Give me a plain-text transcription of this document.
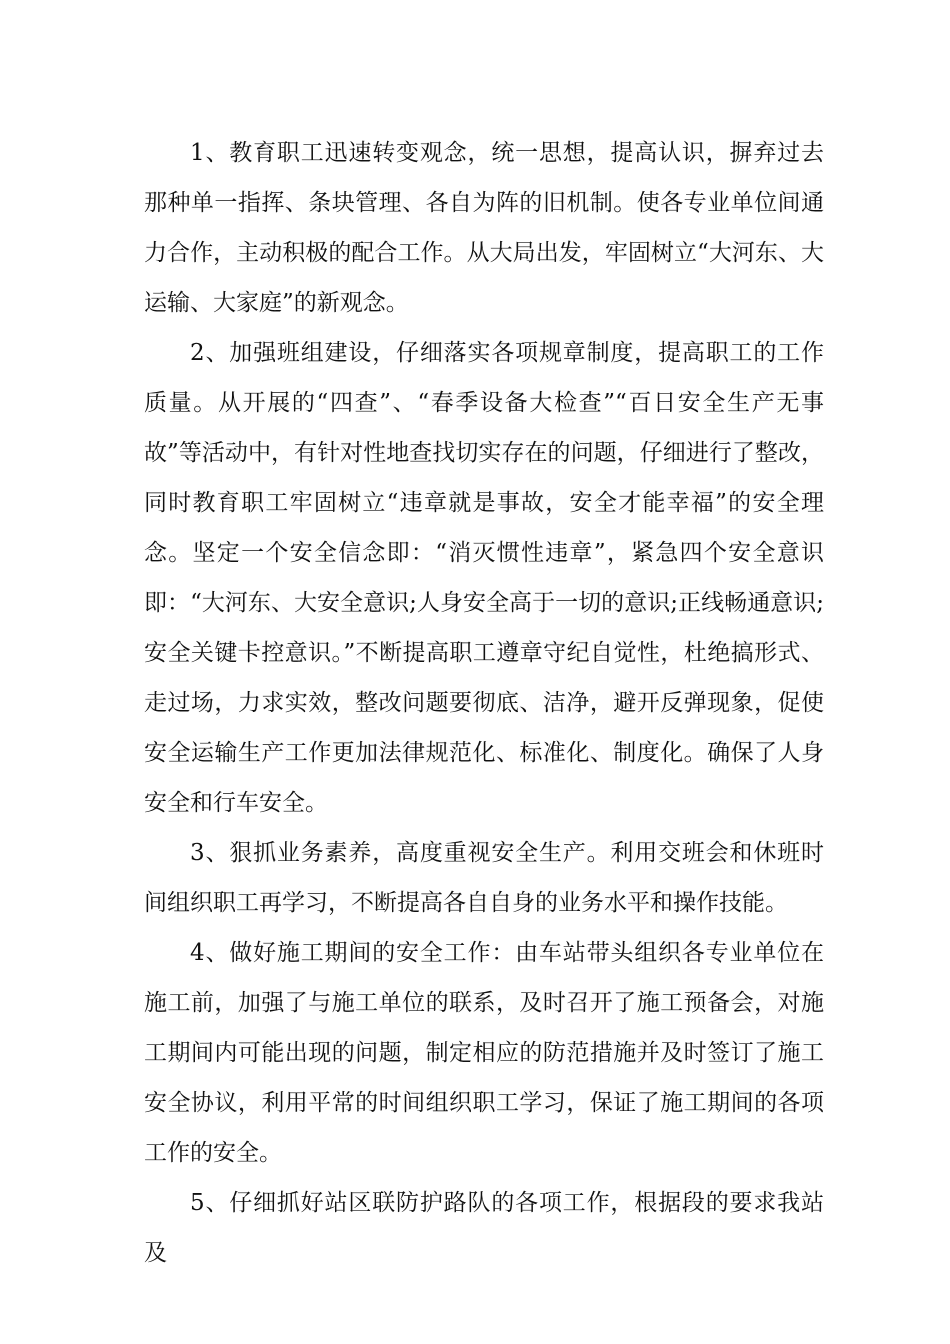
1、教育职工迅速转变观念，统一思想，提高认识，摒弃过去那种单一指挥、条块管理、各自为阵的旧机制。使各专业单位间通力合作，主动积极的配合工作。从大局出发，牢固树立“大河东、大运输、大家庭”的新观念。

2、加强班组建设，仔细落实各项规章制度，提高职工的工作质量。从开展的“四查”、“春季设备大检查”“百日安全生产无事故”等活动中，有针对性地查找切实存在的问题，仔细进行了整改，同时教育职工牢固树立“违章就是事故，安全才能幸福”的安全理念。坚定一个安全信念即：“消灭惯性违章”，紧急四个安全意识即：“大河东、大安全意识;人身安全高于一切的意识;正线畅通意识;安全关键卡控意识。”不断提高职工遵章守纪自觉性，杜绝搞形式、走过场，力求实效，整改问题要彻底、洁净，避开反弹现象，促使安全运输生产工作更加法律规范化、标准化、制度化。确保了人身安全和行车安全。

3、狠抓业务素养，高度重视安全生产。利用交班会和休班时间组织职工再学习，不断提高各自自身的业务水平和操作技能。

4、做好施工期间的安全工作：由车站带头组织各专业单位在施工前，加强了与施工单位的联系，及时召开了施工预备会，对施工期间内可能出现的问题，制定相应的防范措施并及时签订了施工安全协议，利用平常的时间组织职工学习，保证了施工期间的各项工作的安全。

5、仔细抓好站区联防护路队的各项工作，根据段的要求我站及
